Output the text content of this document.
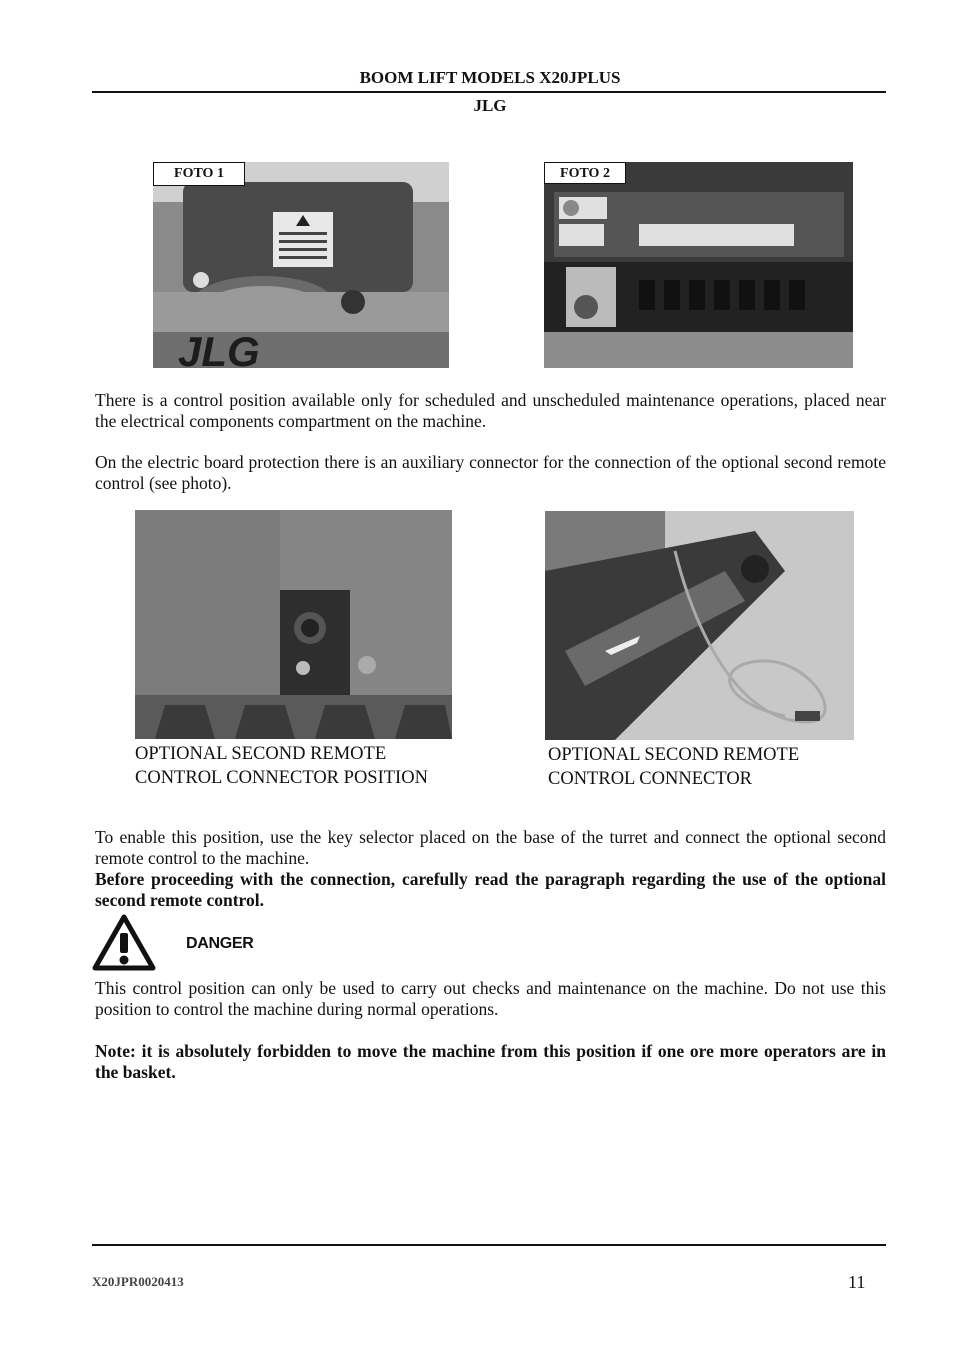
BOOM LIFT MODELS X20JPLUS
JLG
JLG
FOTO 1	FOTO 2
There is a control position available only for scheduled and unscheduled maintenance operations, placed near the electrical components compartment on the machine.
On the electric board protection there is an auxiliary connector for the connection of the optional second remote control (see photo).
OPTIONAL SECOND REMOTE
CONTROL CONNECTOR POSITION
OPTIONAL SECOND REMOTE
CONTROL CONNECTOR
To enable this position, use the key selector placed on the base of the turret and connect the optional second remote control to the machine.
Before proceeding with the connection, carefully read the paragraph regarding the use of the optional second remote control.
DANGER
This control position can only be used to carry out checks and maintenance on the machine. Do not use this position to control the machine during normal operations.
Note: it is absolutely forbidden to move the machine from this position if one ore more operators are in the basket.
X20JPR0020413	11
